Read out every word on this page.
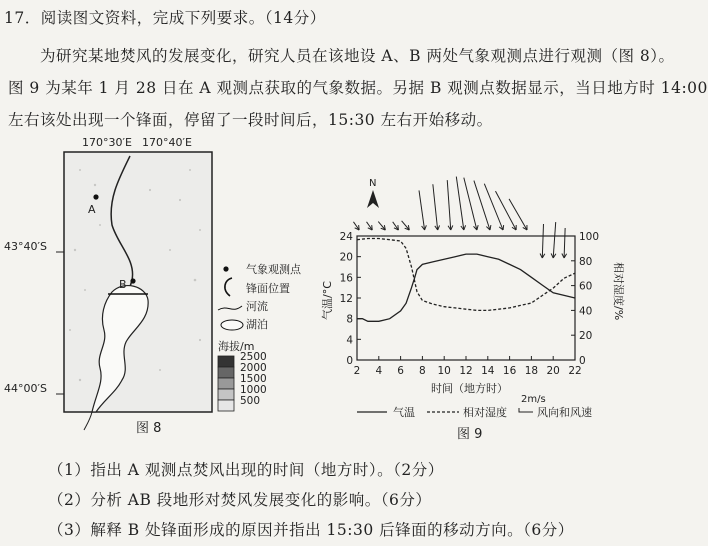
17．阅读图文资料，完成下列要求。（14分）
为研究某地焚风的发展变化，研究人员在该地设 A、B 两处气象观测点进行观测（图 8）。
图 9 为某年 1 月 28 日在 A 观测点获取的气象数据。另据 B 观测点数据显示，当日地方时 14:00
左右该处出现一个锋面，停留了一段时间后，15:30 左右开始移动。
170°30′E 170°40′E
A
B
43°40′S
44°00′S
气象观测点
锋面位置
河流
湖泊
海拔/m
2500
2000
1500
1000
500
图 8
N
0
4
8
12
16
20
24
0
20
40
60
80
100
2 4 6 8 10 12 14 16 18 20 22
气温/°C	相对湿度/%
时间（地方时）
气温	相对湿度
2m/s
风向和风速
图 9
（1）指出 A 观测点焚风出现的时间（地方时）。（2分）
（2）分析 AB 段地形对焚风发展变化的影响。（6分）
（3）解释 B 处锋面形成的原因并指出 15:30 后锋面的移动方向。（6分）
